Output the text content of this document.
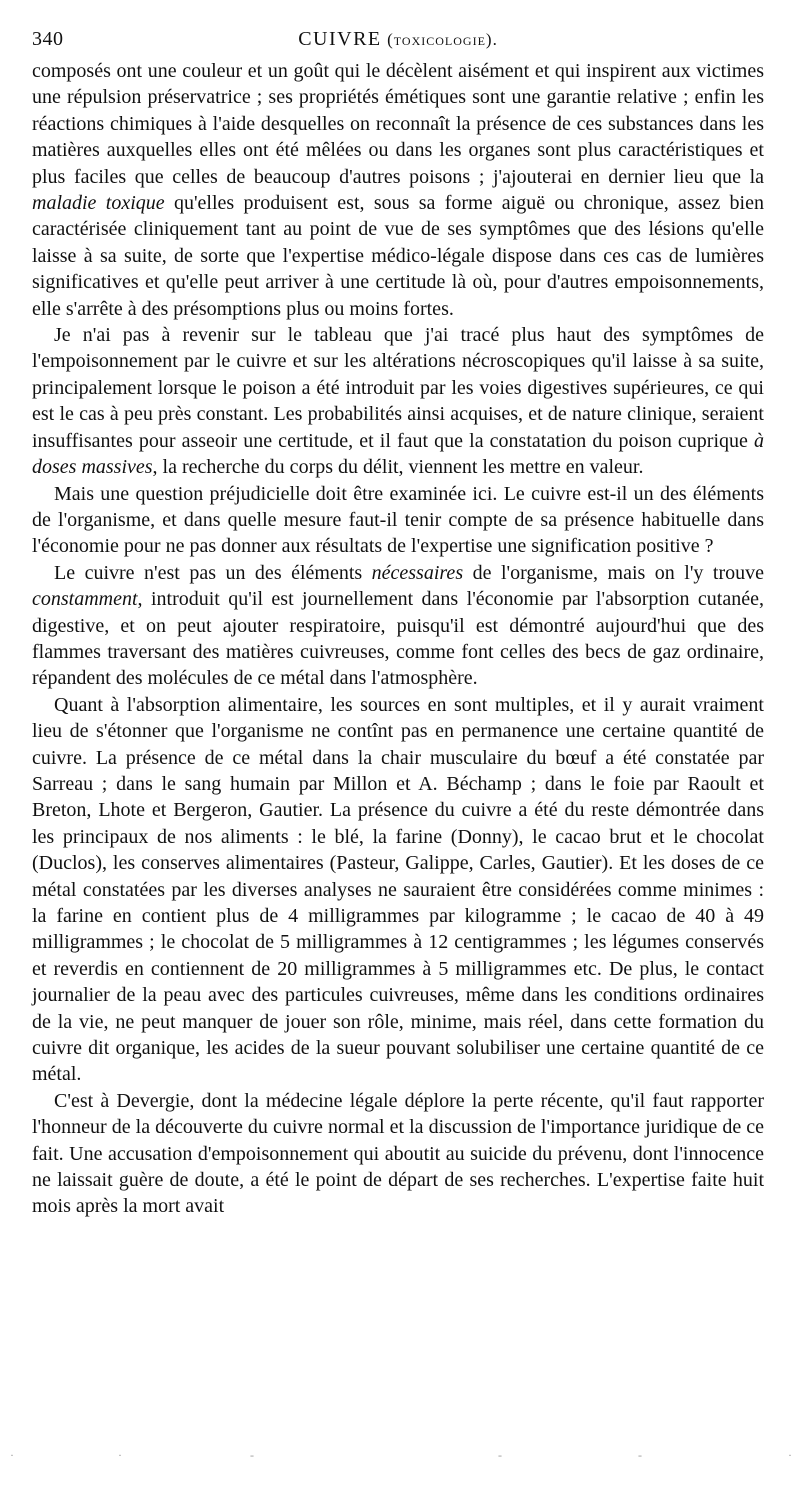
340	CUIVRE (toxicologie).

composés ont une couleur et un goût qui le décèlent aisément et qui inspirent aux victimes une répulsion préservatrice ; ses propriétés émétiques sont une garantie relative ; enfin les réactions chimiques à l'aide desquelles on reconnaît la présence de ces substances dans les matières auxquelles elles ont été mêlées ou dans les organes sont plus caractéristiques et plus faciles que celles de beaucoup d'autres poisons ; j'ajouterai en dernier lieu que la maladie toxique qu'elles produisent est, sous sa forme aiguë ou chronique, assez bien caractérisée cliniquement tant au point de vue de ses symptômes que des lésions qu'elle laisse à sa suite, de sorte que l'expertise médico-légale dispose dans ces cas de lumières significatives et qu'elle peut arriver à une certitude là où, pour d'autres empoisonnements, elle s'arrête à des présomptions plus ou moins fortes.

Je n'ai pas à revenir sur le tableau que j'ai tracé plus haut des symptômes de l'empoisonnement par le cuivre et sur les altérations nécroscopiques qu'il laisse à sa suite, principalement lorsque le poison a été introduit par les voies digestives supérieures, ce qui est le cas à peu près constant. Les probabilités ainsi acquises, et de nature clinique, seraient insuffisantes pour asseoir une certitude, et il faut que la constatation du poison cuprique à doses massives, la recherche du corps du délit, viennent les mettre en valeur.

Mais une question préjudicielle doit être examinée ici. Le cuivre est-il un des éléments de l'organisme, et dans quelle mesure faut-il tenir compte de sa présence habituelle dans l'économie pour ne pas donner aux résultats de l'expertise une signification positive ?

Le cuivre n'est pas un des éléments nécessaires de l'organisme, mais on l'y trouve constamment, introduit qu'il est journellement dans l'économie par l'absorption cutanée, digestive, et on peut ajouter respiratoire, puisqu'il est démontré aujourd'hui que des flammes traversant des matières cuivreuses, comme font celles des becs de gaz ordinaire, répandent des molécules de ce métal dans l'atmosphère.

Quant à l'absorption alimentaire, les sources en sont multiples, et il y aurait vraiment lieu de s'étonner que l'organisme ne contînt pas en permanence une certaine quantité de cuivre. La présence de ce métal dans la chair musculaire du bœuf a été constatée par Sarreau ; dans le sang humain par Millon et A. Béchamp ; dans le foie par Raoult et Breton, Lhote et Bergeron, Gautier. La présence du cuivre a été du reste démontrée dans les principaux de nos aliments : le blé, la farine (Donny), le cacao brut et le chocolat (Duclos), les conserves alimentaires (Pasteur, Galippe, Carles, Gautier). Et les doses de ce métal constatées par les diverses analyses ne sauraient être considérées comme minimes : la farine en contient plus de 4 milligrammes par kilogramme ; le cacao de 40 à 49 milligrammes ; le chocolat de 5 milligrammes à 12 centigrammes ; les légumes conservés et reverdis en contiennent de 20 milligrammes à 5 milligrammes etc. De plus, le contact journalier de la peau avec des particules cuivreuses, même dans les conditions ordinaires de la vie, ne peut manquer de jouer son rôle, minime, mais réel, dans cette formation du cuivre dit organique, les acides de la sueur pouvant solubiliser une certaine quantité de ce métal.

C'est à Devergie, dont la médecine légale déplore la perte récente, qu'il faut rapporter l'honneur de la découverte du cuivre normal et la discussion de l'importance juridique de ce fait. Une accusation d'empoisonnement qui aboutit au suicide du prévenu, dont l'innocence ne laissait guère de doute, a été le point de départ de ses recherches. L'expertise faite huit mois après la mort avait

·	·	-	-	-	·
